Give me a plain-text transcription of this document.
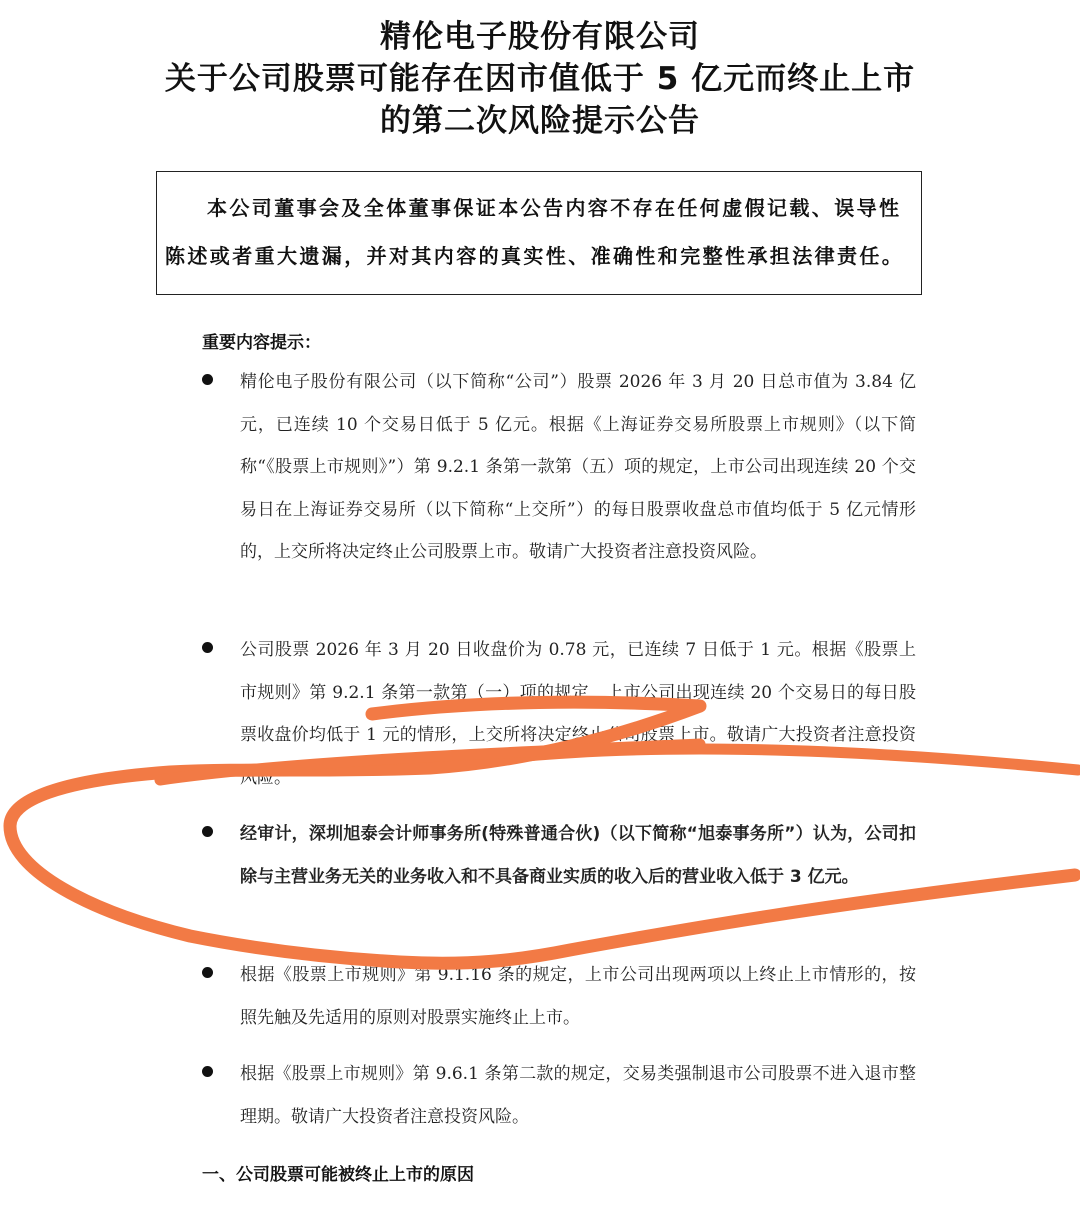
精伦电子股份有限公司
关于公司股票可能存在因市值低于 5 亿元而终止上市
的第二次风险提示公告

本公司董事会及全体董事保证本公告内容不存在任何虚假记载、误导性陈述或者重大遗漏，并对其内容的真实性、准确性和完整性承担法律责任。

重要内容提示：

精伦电子股份有限公司（以下简称“公司”）股票 2026 年 3 月 20 日总市值为 3.84 亿元，已连续 10 个交易日低于 5 亿元。根据《上海证券交易所股票上市规则》（以下简称“《股票上市规则》”）第 9.2.1 条第一款第（五）项的规定，上市公司出现连续 20 个交易日在上海证券交易所（以下简称“上交所”）的每日股票收盘总市值均低于 5 亿元情形的，上交所将决定终止公司股票上市。敬请广大投资者注意投资风险。

公司股票 2026 年 3 月 20 日收盘价为 0.78 元，已连续 7 日低于 1 元。根据《股票上市规则》第 9.2.1 条第一款第（一）项的规定，上市公司出现连续 20 个交易日的每日股票收盘价均低于 1 元的情形，上交所将决定终止公司股票上市。敬请广大投资者注意投资风险。

经审计，深圳旭泰会计师事务所(特殊普通合伙)（以下简称“旭泰事务所”）认为，公司扣除与主营业务无关的业务收入和不具备商业实质的收入后的营业收入低于 3 亿元。

根据《股票上市规则》第 9.1.16 条的规定，上市公司出现两项以上终止上市情形的，按照先触及先适用的原则对股票实施终止上市。

根据《股票上市规则》第 9.6.1 条第二款的规定，交易类强制退市公司股票不进入退市整理期。敬请广大投资者注意投资风险。

一、公司股票可能被终止上市的原因
